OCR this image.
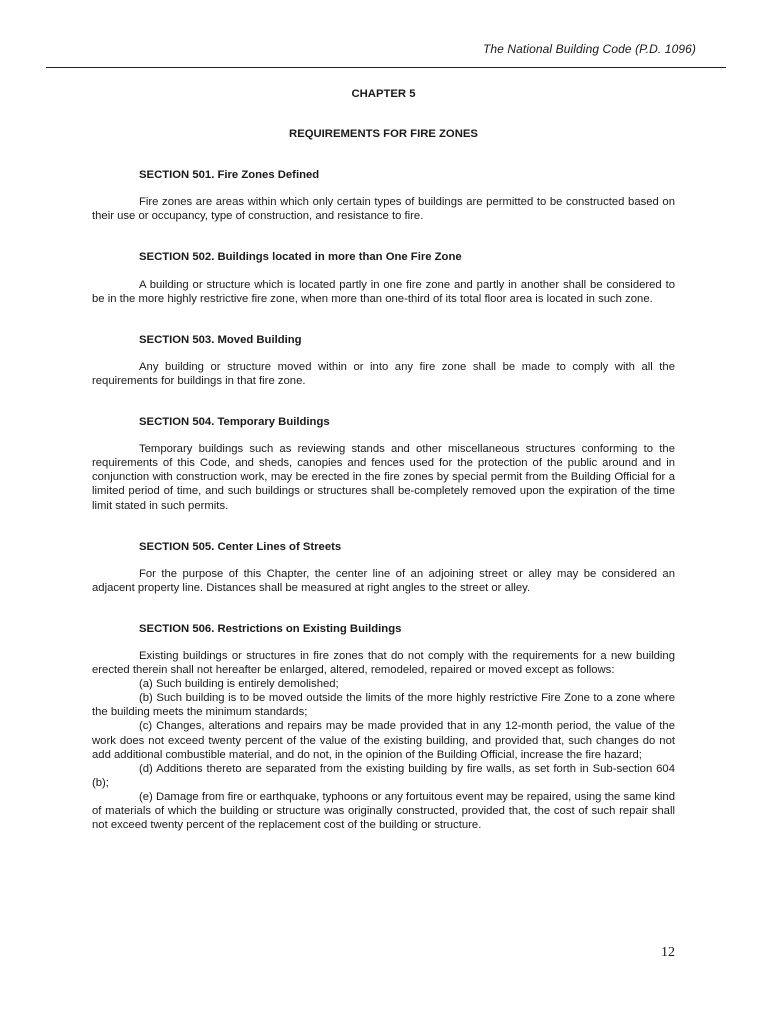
The National Building Code (P.D. 1096)

CHAPTER 5

REQUIREMENTS FOR FIRE ZONES

SECTION 501. Fire Zones Defined

Fire zones are areas within which only certain types of buildings are permitted to be constructed based on their use or occupancy, type of construction, and resistance to fire.

SECTION 502. Buildings located in more than One Fire Zone

A building or structure which is located partly in one fire zone and partly in another shall be considered to be in the more highly restrictive fire zone, when more than one-third of its total floor area is located in such zone.

SECTION 503. Moved Building

Any building or structure moved within or into any fire zone shall be made to comply with all the requirements for buildings in that fire zone.

SECTION 504. Temporary Buildings

Temporary buildings such as reviewing stands and other miscellaneous structures conforming to the requirements of this Code, and sheds, canopies and fences used for the protection of the public around and in conjunction with construction work, may be erected in the fire zones by special permit from the Building Official for a limited period of time, and such buildings or structures shall be-completely removed upon the expiration of the time limit stated in such permits.

SECTION 505. Center Lines of Streets

For the purpose of this Chapter, the center line of an adjoining street or alley may be considered an adjacent property line. Distances shall be measured at right angles to the street or alley.

SECTION 506. Restrictions on Existing Buildings

Existing buildings or structures in fire zones that do not comply with the requirements for a new building erected therein shall not hereafter be enlarged, altered, remodeled, repaired or moved except as follows:

(a) Such building is entirely demolished;
(b) Such building is to be moved outside the limits of the more highly restrictive Fire Zone to a zone where the building meets the minimum standards;
(c) Changes, alterations and repairs may be made provided that in any 12-month period, the value of the work does not exceed twenty percent of the value of the existing building, and provided that, such changes do not add additional combustible material, and do not, in the opinion of the Building Official, increase the fire hazard;
(d) Additions thereto are separated from the existing building by fire walls, as set forth in Sub-section 604 (b);
(e) Damage from fire or earthquake, typhoons or any fortuitous event may be repaired, using the same kind of materials of which the building or structure was originally constructed, provided that, the cost of such repair shall not exceed twenty percent of the replacement cost of the building or structure.
12
